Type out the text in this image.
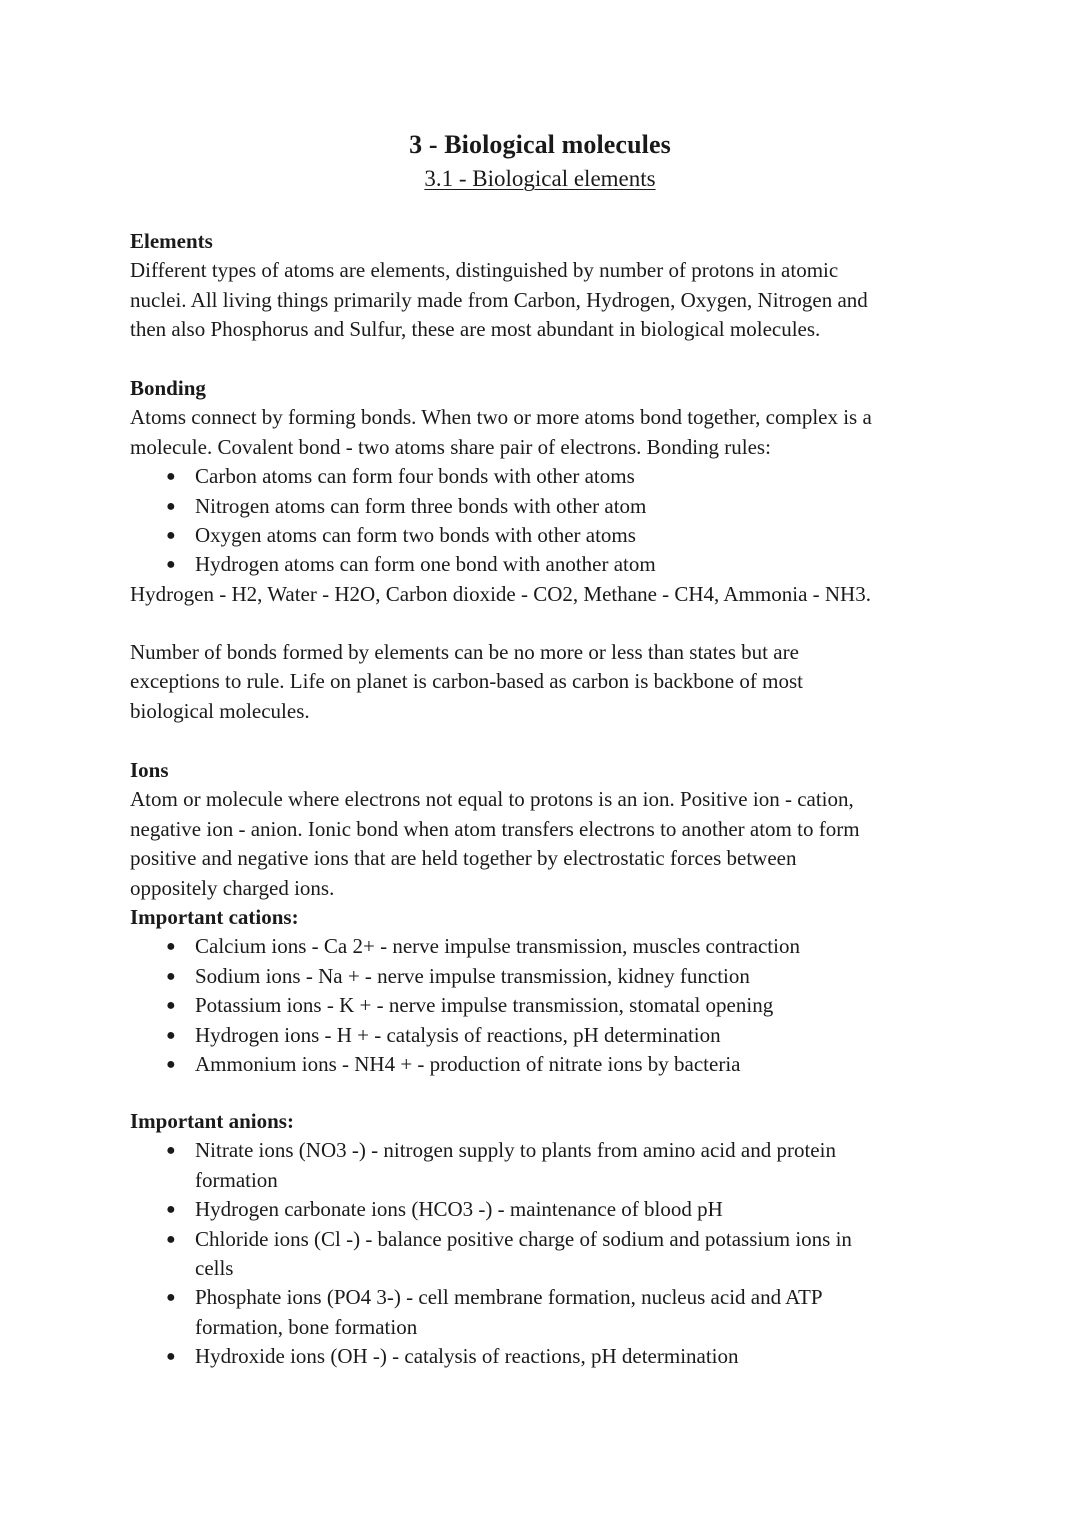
3 - Biological molecules
3.1 - Biological elements

Elements

Different types of atoms are elements, distinguished by number of protons in atomic
nuclei. All living things primarily made from Carbon, Hydrogen, Oxygen, Nitrogen and
then also Phosphorus and Sulfur, these are most abundant in biological molecules.

Bonding

Atoms connect by forming bonds. When two or more atoms bond together, complex is a
molecule. Covalent bond - two atoms share pair of electrons. Bonding rules:

● Carbon atoms can form four bonds with other atoms
● Nitrogen atoms can form three bonds with other atom
● Oxygen atoms can form two bonds with other atoms
● Hydrogen atoms can form one bond with another atom

Hydrogen - H2, Water - H2O, Carbon dioxide - CO2, Methane - CH4, Ammonia - NH3.

Number of bonds formed by elements can be no more or less than states but are
exceptions to rule. Life on planet is carbon-based as carbon is backbone of most
biological molecules.

Ions

Atom or molecule where electrons not equal to protons is an ion. Positive ion - cation,
negative ion - anion. Ionic bond when atom transfers electrons to another atom to form
positive and negative ions that are held together by electrostatic forces between
oppositely charged ions.

Important cations:

● Calcium ions - Ca 2+ - nerve impulse transmission, muscles contraction
● Sodium ions - Na + - nerve impulse transmission, kidney function
● Potassium ions - K + - nerve impulse transmission, stomatal opening
● Hydrogen ions - H + - catalysis of reactions, pH determination
● Ammonium ions - NH4 + - production of nitrate ions by bacteria

Important anions:

● Nitrate ions (NO3 -) - nitrogen supply to plants from amino acid and protein
formation
● Hydrogen carbonate ions (HCO3 -) - maintenance of blood pH
● Chloride ions (Cl -) - balance positive charge of sodium and potassium ions in
cells
● Phosphate ions (PO4 3-) - cell membrane formation, nucleus acid and ATP
formation, bone formation
● Hydroxide ions (OH -) - catalysis of reactions, pH determination
